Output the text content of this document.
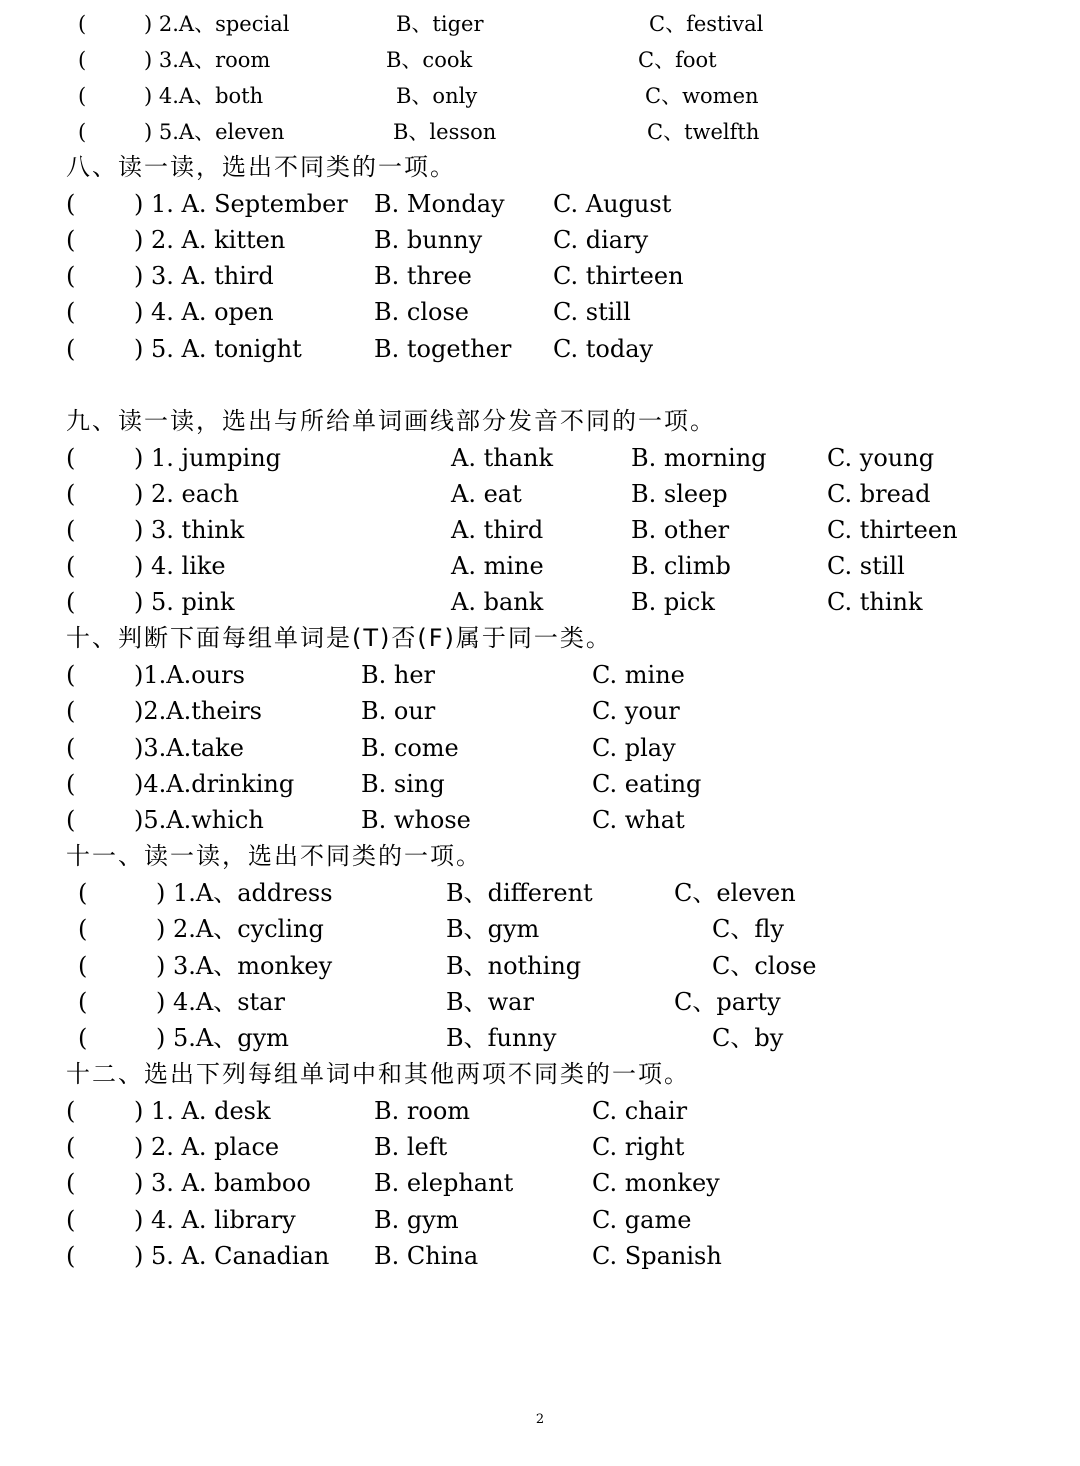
(	) 2.A、special	B、tiger	C、festival
(	) 3.A、room	B、cook	C、foot
(	) 4.A、both	B、only	C、women
(	) 5.A、eleven	B、lesson	C、twelfth
八、读一读，选出不同类的一项。
( ) 1. A. September B. Monday C. August
( ) 2. A. kitten	B. bunny	C. diary
( ) 3. A. third	B. three	C. thirteen
( ) 4. A. open	B. close	C. still
( ) 5. A. tonight	B. together C. today
九、读一读，选出与所给单词画线部分发音不同的一项。
( ) 1. jumping	A. thank	B. morning	C. young
( ) 2. each	A. eat	B. sleep	C. bread
( ) 3. think	A. third	B. other	C. thirteen
( ) 4. like	A. mine	B. climb	C. still
( ) 5. pink	A. bank	B. pick	C. think
十、判断下面每组单词是(T)否(F)属于同一类。
( )1.A.ours	B. her	C. mine
( )2.A.theirs	B. our	C. your
( )3.A.take	B. come	C. play
( )4.A.drinking	B. sing	C. eating
( )5.A.which	B. whose	C. what
十一、读一读，选出不同类的一项。
(	) 1.A、address	B、different	C、eleven
(	) 2.A、cycling	B、gym	C、fly
(	) 3.A、monkey	B、nothing	C、close
(	) 4.A、star	B、war	C、party
(	) 5.A、gym	B、funny	C、by
十二、选出下列每组单词中和其他两项不同类的一项。
( ) 1. A. desk	B. room	C. chair
( ) 2. A. place	B. left	C. right
( ) 3. A. bamboo	B. elephant	C. monkey
( ) 4. A. library	B. gym	C. game
( ) 5. A. Canadian B. China	C. Spanish
2
